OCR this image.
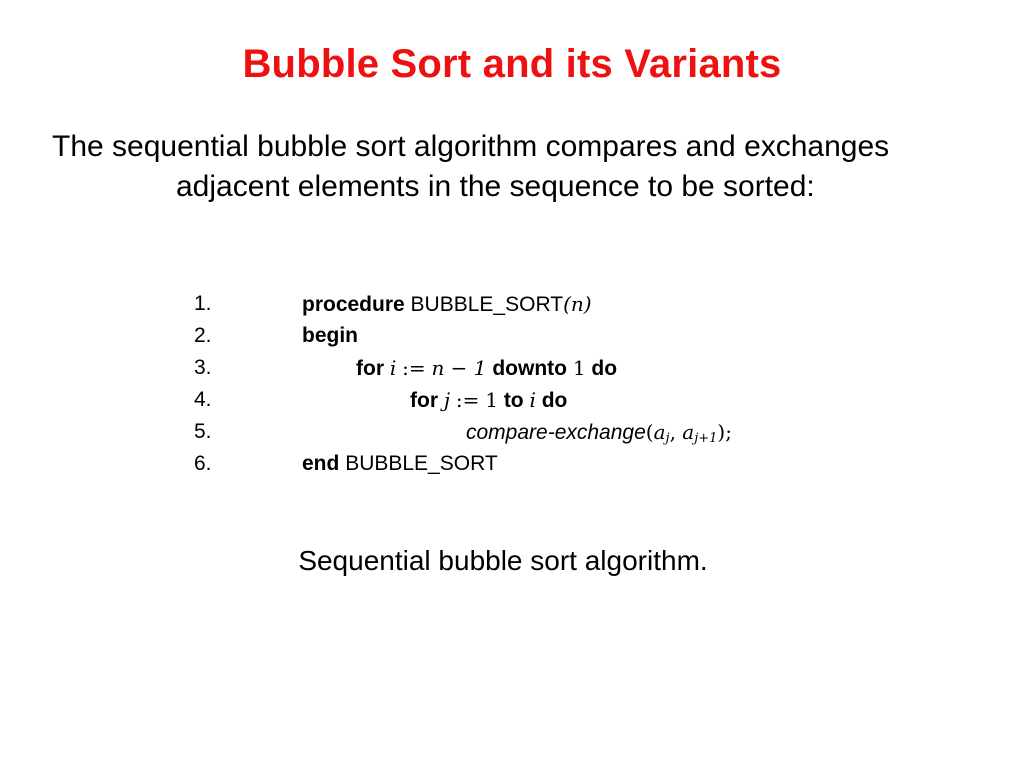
Bubble Sort and its Variants
The sequential bubble sort algorithm compares and exchanges
adjacent elements in the sequence to be sorted:
1.	procedure BUBBLE_SORT(n)
2.	begin
3.	for i := n − 1 downto 1 do
4.	for j := 1 to i do
5.	compare-$exchange(a_j$, $a_{j+1}$);
6.	end BUBBLE_SORT
Sequential bubble sort algorithm.
